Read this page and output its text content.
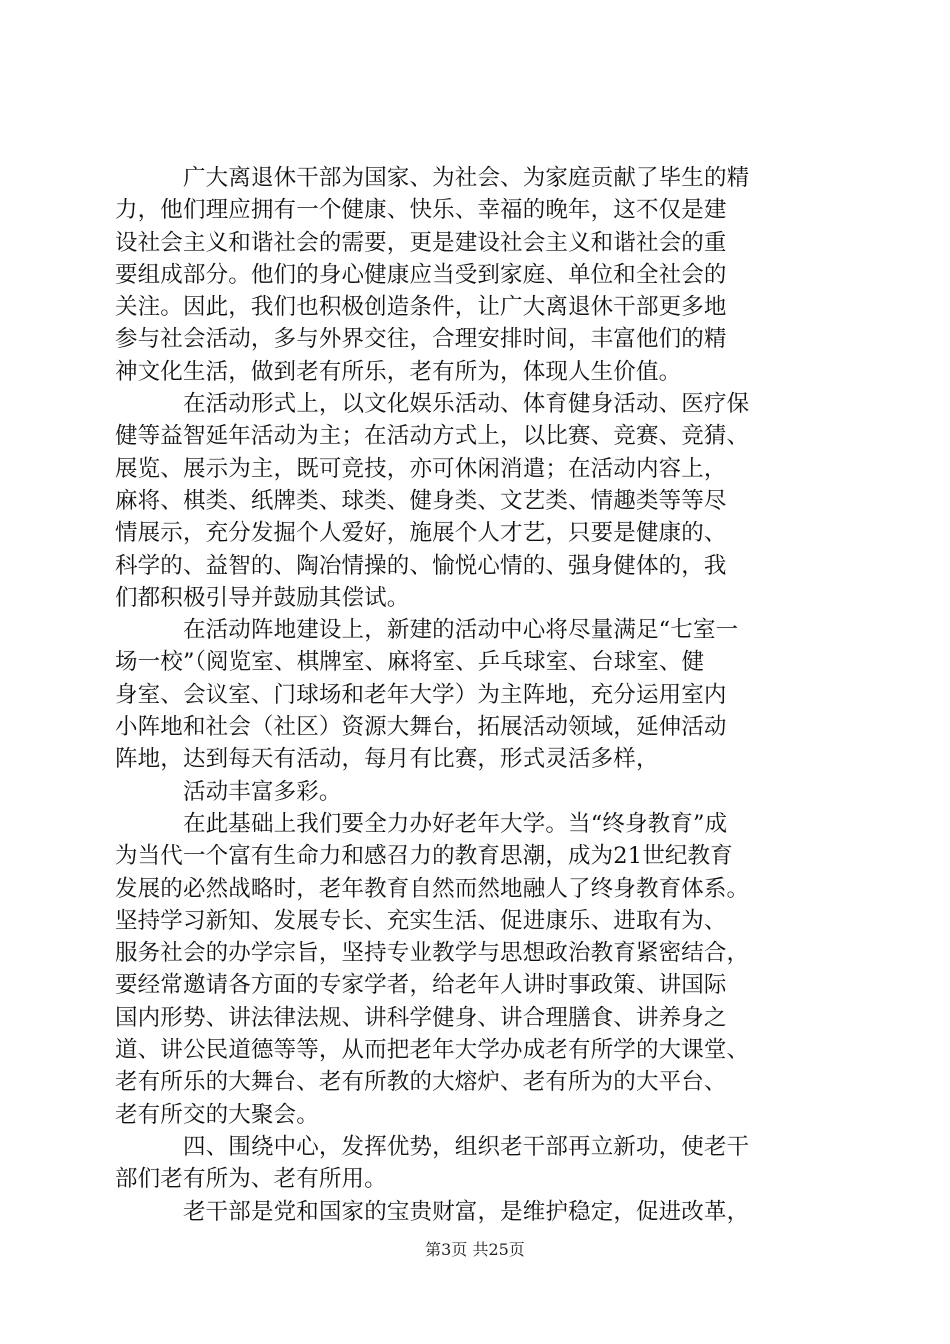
广大离退休干部为国家、为社会、为家庭贡献了毕生的精
力，他们理应拥有一个健康、快乐、幸福的晚年，这不仅是建
设社会主义和谐社会的需要，更是建设社会主义和谐社会的重
要组成部分。他们的身心健康应当受到家庭、单位和全社会的
关注。因此，我们也积极创造条件，让广大离退休干部更多地
参与社会活动，多与外界交往，合理安排时间，丰富他们的精
神文化生活，做到老有所乐，老有所为，体现人生价值。
在活动形式上，以文化娱乐活动、体育健身活动、医疗保
健等益智延年活动为主；在活动方式上，以比赛、竞赛、竞猜、
展览、展示为主，既可竞技，亦可休闲消遣；在活动内容上，
麻将、棋类、纸牌类、球类、健身类、文艺类、情趣类等等尽
情展示，充分发掘个人爱好，施展个人才艺，只要是健康的、
科学的、益智的、陶冶情操的、愉悦心情的、强身健体的，我
们都积极引导并鼓励其偿试。
在活动阵地建设上，新建的活动中心将尽量满足“七室一
场一校”（阅览室、棋牌室、麻将室、乒乓球室、台球室、健
身室、会议室、门球场和老年大学）为主阵地，充分运用室内
小阵地和社会（社区）资源大舞台，拓展活动领域，延伸活动
阵地，达到每天有活动，每月有比赛，形式灵活多样，
活动丰富多彩。
在此基础上我们要全力办好老年大学。当“终身教育”成
为当代一个富有生命力和感召力的教育思潮，成为21世纪教育
发展的必然战略时，老年教育自然而然地融人了终身教育体系。
坚持学习新知、发展专长、充实生活、促进康乐、进取有为、
服务社会的办学宗旨，坚持专业教学与思想政治教育紧密结合，
要经常邀请各方面的专家学者，给老年人讲时事政策、讲国际
国内形势、讲法律法规、讲科学健身、讲合理膳食、讲养身之
道、讲公民道德等等，从而把老年大学办成老有所学的大课堂、
老有所乐的大舞台、老有所教的大熔炉、老有所为的大平台、
老有所交的大聚会。
四、围绕中心，发挥优势，组织老干部再立新功，使老干
部们老有所为、老有所用。
老干部是党和国家的宝贵财富，是维护稳定，促进改革，
第3页 共25页
